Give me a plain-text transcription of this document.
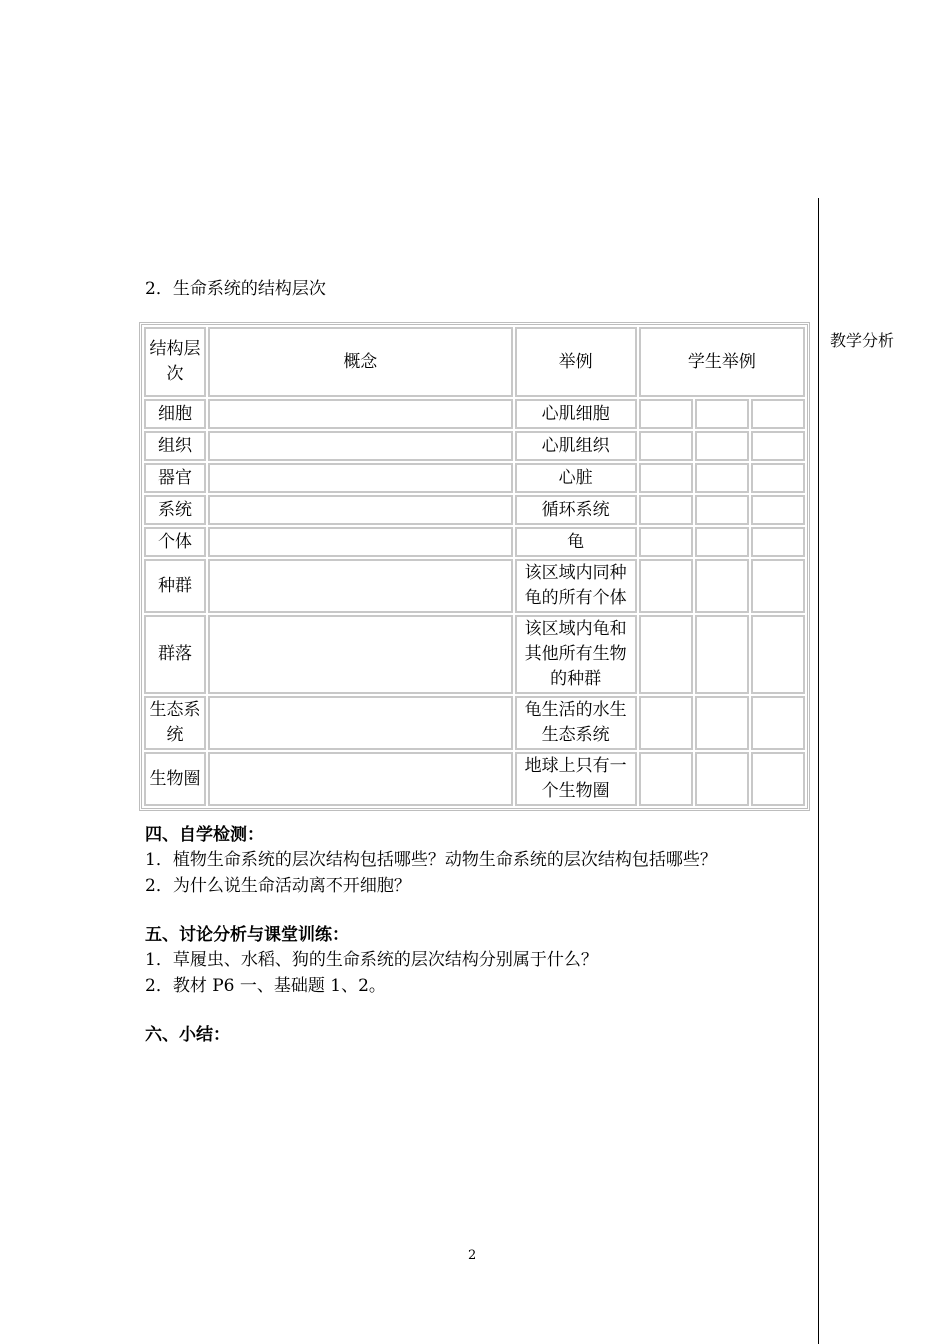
教学分析
2．生命系统的结构层次
结构层次	概念	举例	学生举例		
细胞		心肌细胞			
组织		心肌组织			
器官		心脏			
系统		循环系统			
个体		龟			
种群		该区域内同种龟的所有个体			
群落		该区域内龟和其他所有生物的种群			
生态系统		龟生活的水生生态系统			
生物圈		地球上只有一个生物圈			
四、自学检测：
1．植物生命系统的层次结构包括哪些？动物生命系统的层次结构包括哪些？
2．为什么说生命活动离不开细胞？
五、讨论分析与课堂训练：
1．草履虫、水稻、狗的生命系统的层次结构分别属于什么？
2．教材 P6 一、基础题 1、2。
六、小结：
2
